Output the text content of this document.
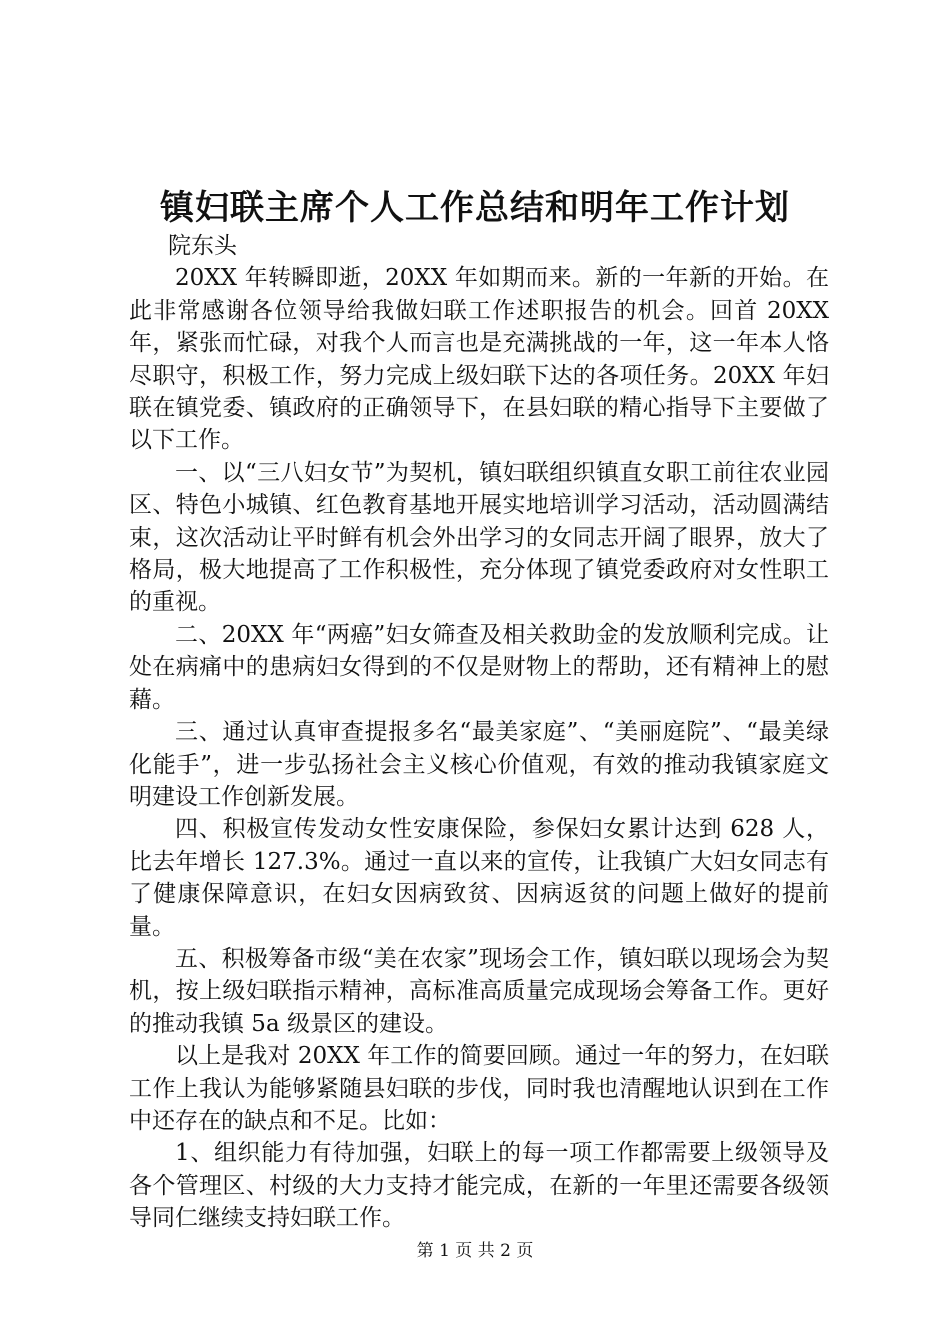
镇妇联主席个人工作总结和明年工作计划

院东头

20XX 年转瞬即逝，20XX 年如期而来。新的一年新的开始。在此非常感谢各位领导给我做妇联工作述职报告的机会。回首 20XX 年，紧张而忙碌，对我个人而言也是充满挑战的一年，这一年本人恪尽职守，积极工作，努力完成上级妇联下达的各项任务。20XX 年妇联在镇党委、镇政府的正确领导下，在县妇联的精心指导下主要做了以下工作。

一、以“三八妇女节”为契机，镇妇联组织镇直女职工前往农业园区、特色小城镇、红色教育基地开展实地培训学习活动，活动圆满结束，这次活动让平时鲜有机会外出学习的女同志开阔了眼界，放大了格局，极大地提高了工作积极性，充分体现了镇党委政府对女性职工的重视。

二、20XX 年“两癌”妇女筛查及相关救助金的发放顺利完成。让处在病痛中的患病妇女得到的不仅是财物上的帮助，还有精神上的慰藉。

三、通过认真审查提报多名“最美家庭”、“美丽庭院”、“最美绿化能手”，进一步弘扬社会主义核心价值观，有效的推动我镇家庭文明建设工作创新发展。

四、积极宣传发动女性安康保险，参保妇女累计达到 628 人，比去年增长 127.3%。通过一直以来的宣传，让我镇广大妇女同志有了健康保障意识，在妇女因病致贫、因病返贫的问题上做好的提前量。

五、积极筹备市级“美在农家”现场会工作，镇妇联以现场会为契机，按上级妇联指示精神，高标准高质量完成现场会筹备工作。更好的推动我镇 5a 级景区的建设。

以上是我对 20XX 年工作的简要回顾。通过一年的努力，在妇联工作上我认为能够紧随县妇联的步伐，同时我也清醒地认识到在工作中还存在的缺点和不足。比如：

1、组织能力有待加强，妇联上的每一项工作都需要上级领导及各个管理区、村级的大力支持才能完成，在新的一年里还需要各级领导同仁继续支持妇联工作。

第 1 页 共 2 页
